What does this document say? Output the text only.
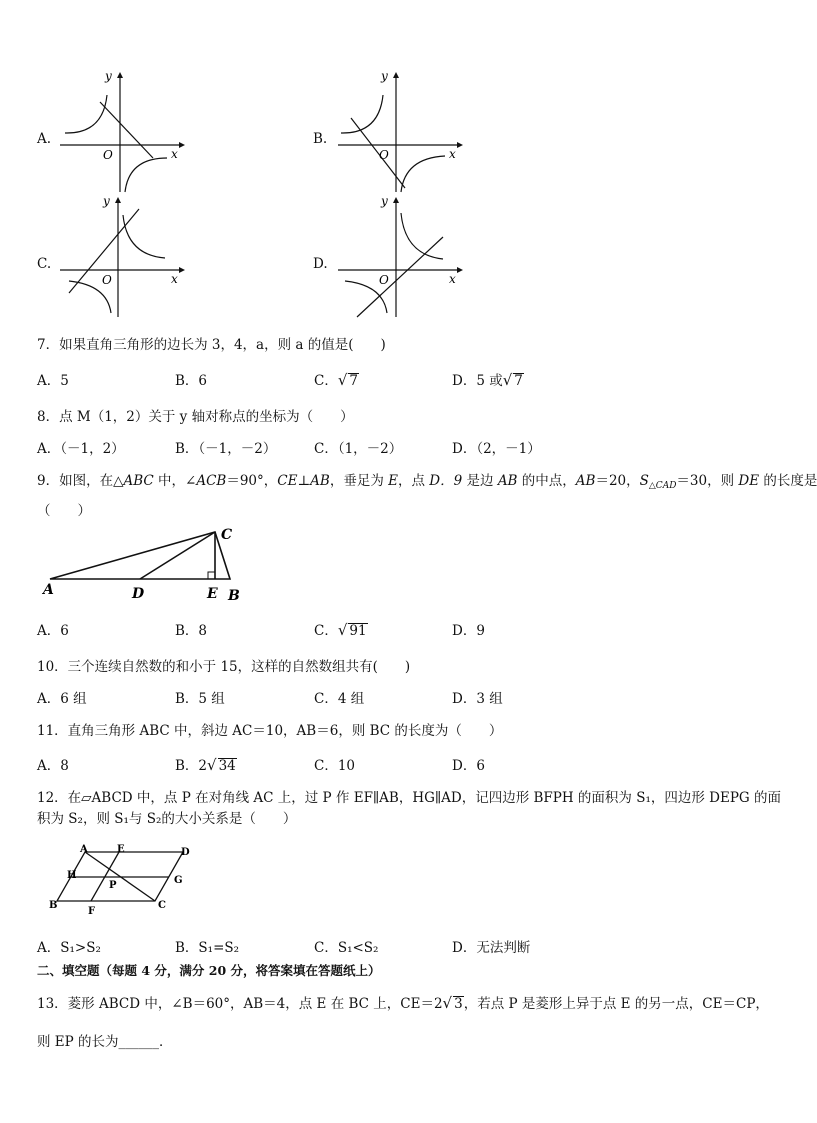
A.
y
O	x
B.
y
O	x
C.
y
O	x
D.
y
O	x
7．如果直角三角形的边长为 3，4，a，则 a 的值是(　　)
A．5	B．6	C．√ 7	D．5 或√ 7
8．点 M（1，2）关于 y 轴对称点的坐标为（　　）
A．（－1，2）	B．（－1，－2）	C．（1，－2）	D．（2，－1）
9．如图，在△ABC 中，∠ACB＝90°，CE⊥AB，垂足为 E，点 D．9 是边 AB 的中点，AB＝20，$S_{\triangle CAD}=30$，则 DE 的长度是
（　　）
A	D	E B
C
A．6	B．8	C．√ 91	D．9
10．三个连续自然数的和小于 15，这样的自然数组共有(　　)
A．6 组	B．5 组	C．4 组	D．3 组
11．直角三角形 ABC 中，斜边 AC＝10，AB＝6，则 BC 的长度为（　　）
A．8	B．2√ 34	C．10	D．6
12．在▱ABCD 中，点 P 在对角线 AC 上，过 P 作 EF∥AB，HG∥AD，记四边形 BFPH 的面积为 S₁，四边形 DEPG 的面
积为 S₂，则 S₁与 S₂的大小关系是（　　）
A	E	D
H
P	G
B
F
C
A．S₁>S₂	B．S₁=S₂	C．S₁<S₂	D．无法判断
二、填空题（每题 4 分，满分 20 分，将答案填在答题纸上）
13．菱形 ABCD 中，∠B＝60°，AB＝4，点 E 在 BC 上，CE＝2√ 3，若点 P 是菱形上异于点 E 的另一点，CE＝CP，
则 EP 的长为______．
